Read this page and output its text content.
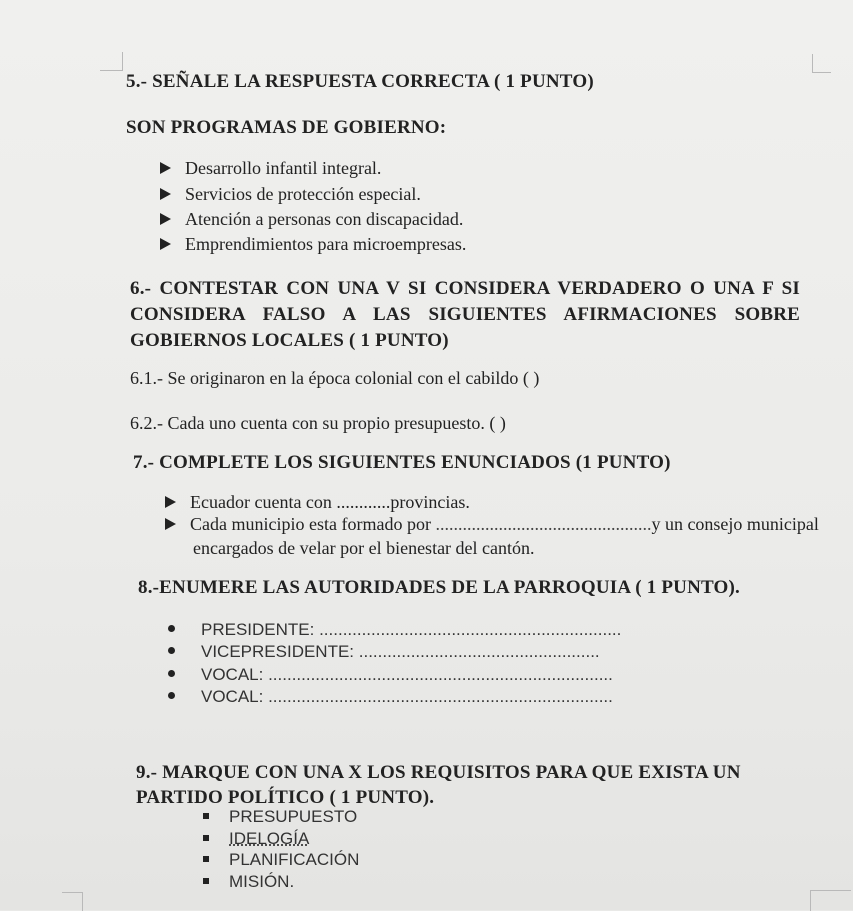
5.- SEÑALE LA RESPUESTA CORRECTA ( 1 PUNTO)
SON PROGRAMAS DE GOBIERNO:
Desarrollo infantil integral.
Servicios de protección especial.
Atención a personas con discapacidad.
Emprendimientos para microempresas.
6.- CONTESTAR CON UNA V SI CONSIDERA VERDADERO O UNA F SI
CONSIDERA FALSO A LAS SIGUIENTES AFIRMACIONES SOBRE
GOBIERNOS LOCALES ( 1 PUNTO)
6.1.- Se originaron en la época colonial con el cabildo ( )
6.2.- Cada uno cuenta con su propio presupuesto. ( )
7.- COMPLETE LOS SIGUIENTES ENUNCIADOS (1 PUNTO)
Ecuador cuenta con ............provincias.
Cada municipio esta formado por ................................................y un consejo municipal
encargados de velar por el bienestar del cantón.
8.-ENUMERE LAS AUTORIDADES DE LA PARROQUIA ( 1 PUNTO).
PRESIDENTE: ................................................................
VICEPRESIDENTE: ...................................................
VOCAL: .........................................................................
VOCAL: .........................................................................
9.- MARQUE CON UNA X LOS REQUISITOS PARA QUE EXISTA UN
PARTIDO POLÍTICO ( 1 PUNTO).
PRESUPUESTO
IDELOGÍA
PLANIFICACIÓN
MISIÓN.
